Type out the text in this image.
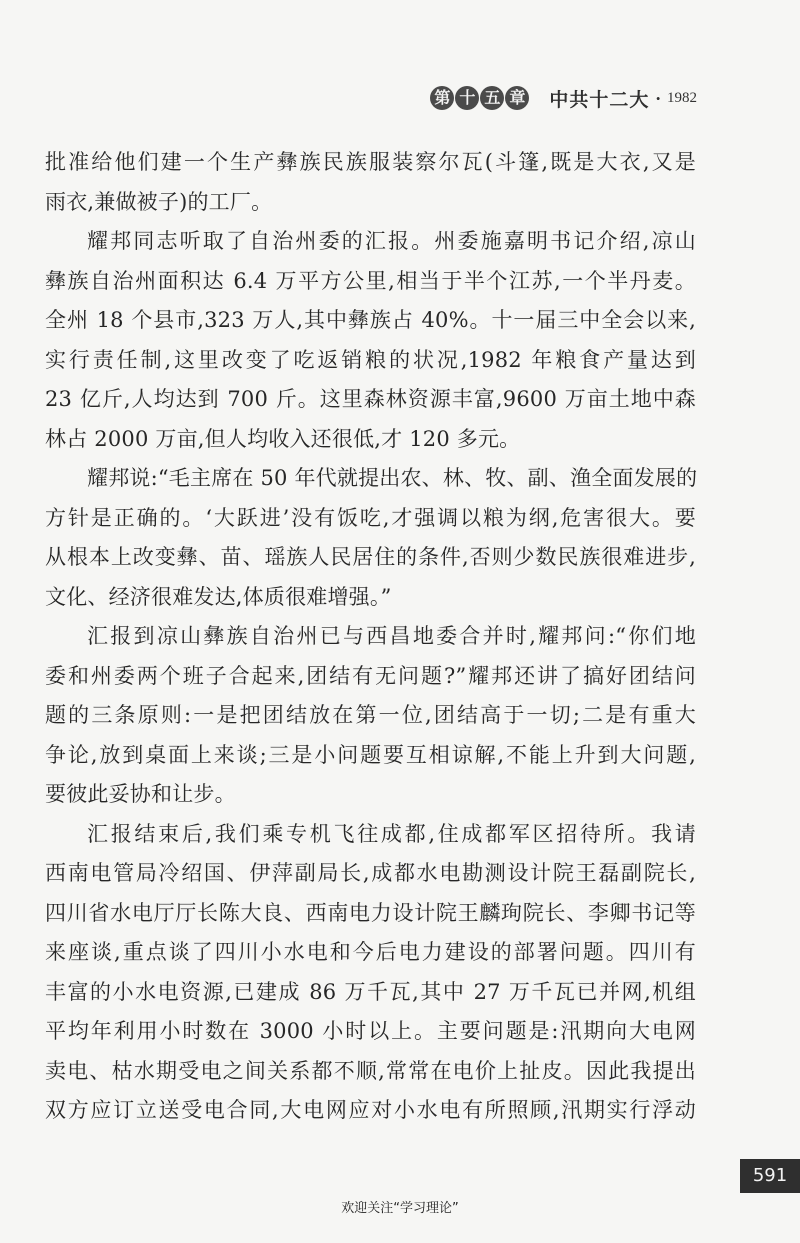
第 十 五 章 中共十二大 · 1982
批准给他们建一个生产彝族民族服装察尔瓦(斗篷,既是大衣,又是
雨衣,兼做被子)的工厂。
耀邦同志听取了自治州委的汇报。州委施嘉明书记介绍,凉山
彝族自治州面积达 6.4 万平方公里,相当于半个江苏,一个半丹麦。
全州 18 个县市,323 万人,其中彝族占 40%。十一届三中全会以来,
实行责任制,这里改变了吃返销粮的状况,1982 年粮食产量达到
23 亿斤,人均达到 700 斤。这里森林资源丰富,9600 万亩土地中森
林占 2000 万亩,但人均收入还很低,才 120 多元。
耀邦说:“毛主席在 50 年代就提出农、林、牧、副、渔全面发展的
方针是正确的。‘大跃进’没有饭吃,才强调以粮为纲,危害很大。要
从根本上改变彝、苗、瑶族人民居住的条件,否则少数民族很难进步,
文化、经济很难发达,体质很难增强。”
汇报到凉山彝族自治州已与西昌地委合并时,耀邦问:“你们地
委和州委两个班子合起来,团结有无问题?”耀邦还讲了搞好团结问
题的三条原则:一是把团结放在第一位,团结高于一切;二是有重大
争论,放到桌面上来谈;三是小问题要互相谅解,不能上升到大问题,
要彼此妥协和让步。
汇报结束后,我们乘专机飞往成都,住成都军区招待所。我请
西南电管局冷绍国、伊萍副局长,成都水电勘测设计院王磊副院长,
四川省水电厅厅长陈大良、西南电力设计院王麟珣院长、李卿书记等
来座谈,重点谈了四川小水电和今后电力建设的部署问题。四川有
丰富的小水电资源,已建成 86 万千瓦,其中 27 万千瓦已并网,机组
平均年利用小时数在 3000 小时以上。主要问题是:汛期向大电网
卖电、枯水期受电之间关系都不顺,常常在电价上扯皮。因此我提出
双方应订立送受电合同,大电网应对小水电有所照顾,汛期实行浮动
591
欢迎关注“学习理论”
